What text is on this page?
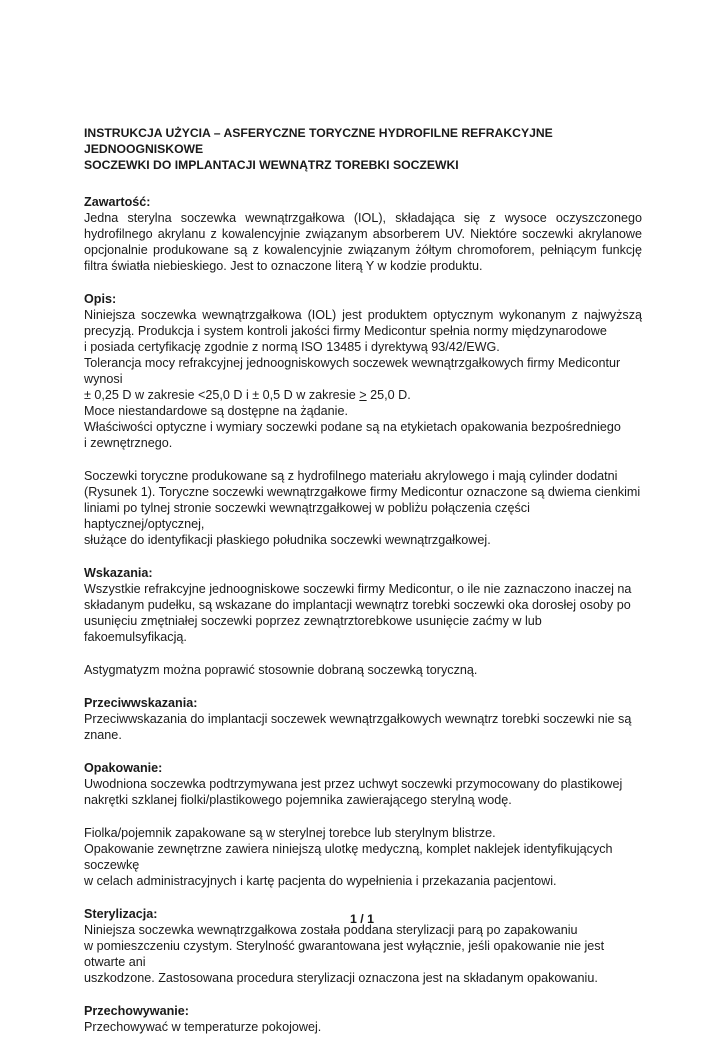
INSTRUKCJA UŻYCIA – ASFERYCZNE TORYCZNE HYDROFILNE REFRAKCYJNE JEDNOOGNISKOWE
SOCZEWKI DO IMPLANTACJI WEWNĄTRZ TOREBKI SOCZEWKI
Zawartość:

Jedna sterylna soczewka wewnątrzgałkowa (IOL), składająca się z wysoce oczyszczonego hydrofilnego akrylanu z kowalencyjnie związanym absorberem UV. Niektóre soczewki akrylanowe opcjonalnie produkowane są z kowalencyjnie związanym żółtym chromoforem, pełniącym funkcję filtra światła niebieskiego. Jest to oznaczone literą Y w kodzie produktu.

Opis:

Niniejsza soczewka wewnątrzgałkowa (IOL) jest produktem optycznym wykonanym z najwyższą precyzją. Produkcja i system kontroli jakości firmy Medicontur spełnia normy międzynarodowe

i posiada certyfikację zgodnie z normą ISO 13485 i dyrektywą 93/42/EWG.

Tolerancja mocy refrakcyjnej jednoogniskowych soczewek wewnątrzgałkowych firmy Medicontur wynosi

± 0,25 D w zakresie <25,0 D i ± 0,5 D w zakresie > 25,0 D.

Moce niestandardowe są dostępne na żądanie.

Właściwości optyczne i wymiary soczewki podane są na etykietach opakowania bezpośredniego

i zewnętrznego.

Soczewki toryczne produkowane są z hydrofilnego materiału akrylowego i mają cylinder dodatni

(Rysunek 1). Toryczne soczewki wewnątrzgałkowe firmy Medicontur oznaczone są dwiema cienkimi

liniami po tylnej stronie soczewki wewnątrzgałkowej w pobliżu połączenia części haptycznej/optycznej,

służące do identyfikacji płaskiego południka soczewki wewnątrzgałkowej.

Wskazania:

Wszystkie refrakcyjne jednoogniskowe soczewki firmy Medicontur, o ile nie zaznaczono inaczej na

składanym pudełku, są wskazane do implantacji wewnątrz torebki soczewki oka dorosłej osoby po

usunięciu zmętniałej soczewki poprzez zewnątrztorebkowe usunięcie zaćmy w lub fakoemulsyfikacją.

Astygmatyzm można poprawić stosownie dobraną soczewką toryczną.

Przeciwwskazania:

Przeciwwskazania do implantacji soczewek wewnątrzgałkowych wewnątrz torebki soczewki nie są znane.

Opakowanie:

Uwodniona soczewka podtrzymywana jest przez uchwyt soczewki przymocowany do plastikowej

nakrętki szklanej fiolki/plastikowego pojemnika zawierającego sterylną wodę.

Fiolka/pojemnik zapakowane są w sterylnej torebce lub sterylnym blistrze.

Opakowanie zewnętrzne zawiera niniejszą ulotkę medyczną, komplet naklejek identyfikujących soczewkę

w celach administracyjnych i kartę pacjenta do wypełnienia i przekazania pacjentowi.

Sterylizacja:

Niniejsza soczewka wewnątrzgałkowa została poddana sterylizacji parą po zapakowaniu

w pomieszczeniu czystym. Sterylność gwarantowana jest wyłącznie, jeśli opakowanie nie jest otwarte ani

uszkodzone. Zastosowana procedura sterylizacji oznaczona jest na składanym opakowaniu.

Przechowywanie:

Przechowywać w temperaturze pokojowej.

1 / 1
